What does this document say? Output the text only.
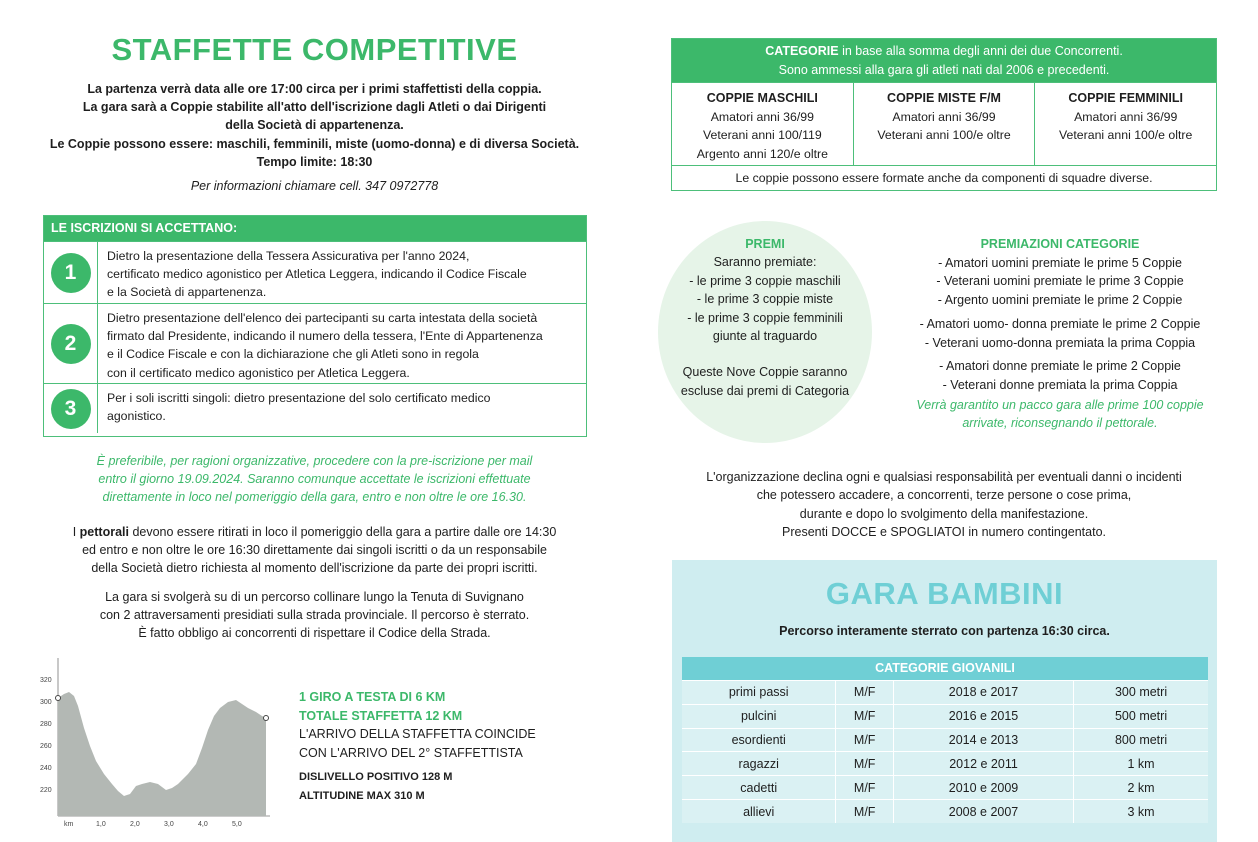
STAFFETTE COMPETITIVE
La partenza verrà data alle ore 17:00 circa per i primi staffettisti della coppia.
La gara sarà a Coppie stabilite all'atto dell'iscrizione dagli Atleti o dai Dirigenti
della Società di appartenenza.
Le Coppie possono essere: maschili, femminili, miste (uomo-donna) e di diversa Società.
Tempo limite: 18:30
Per informazioni chiamare cell. 347 0972778
LE ISCRIZIONI SI ACCETTANO:
1
Dietro la presentazione della Tessera Assicurativa per l'anno 2024,
certificato medico agonistico per Atletica Leggera, indicando il Codice Fiscale
e la Società di appartenenza.
2
Dietro presentazione dell'elenco dei partecipanti su carta intestata della società
firmato dal Presidente, indicando il numero della tessera, l'Ente di Appartenenza
e il Codice Fiscale e con la dichiarazione che gli Atleti sono in regola
con il certificato medico agonistico per Atletica Leggera.
3	Per i soli iscritti singoli: dietro presentazione del solo certificato medico
agonistico.
È preferibile, per ragioni organizzative, procedere con la pre-iscrizione per mail
entro il giorno 19.09.2024. Saranno comunque accettate le iscrizioni effettuate
direttamente in loco nel pomeriggio della gara, entro e non oltre le ore 16.30.
I pettorali devono essere ritirati in loco il pomeriggio della gara a partire dalle ore 14:30
ed entro e non oltre le ore 16:30 direttamente dai singoli iscritti o da un responsabile
della Società dietro richiesta al momento dell'iscrizione da parte dei propri iscritti.
La gara si svolgerà su di un percorso collinare lungo la Tenuta di Suvignano
con 2 attraversamenti presidiati sulla strada provinciale. Il percorso è sterrato.
È fatto obbligo ai concorrenti di rispettare il Codice della Strada.
320
300
280
260
240
220
km	1,0	2,0	3,0	4,0	5,0
1 GIRO A TESTA DI 6 KM
TOTALE STAFFETTA 12 KM
L'ARRIVO DELLA STAFFETTA COINCIDE
CON L'ARRIVO DEL 2° STAFFETTISTA
DISLIVELLO POSITIVO 128 M
ALTITUDINE MAX 310 M
CATEGORIE in base alla somma degli anni dei due Concorrenti.
Sono ammessi alla gara gli atleti nati dal 2006 e precedenti.
COPPIE MASCHILI
Amatori anni 36/99
Veterani anni 100/119
Argento anni 120/e oltre
COPPIE MISTE F/M
Amatori anni 36/99
Veterani anni 100/e oltre
COPPIE FEMMINILI
Amatori anni 36/99
Veterani anni 100/e oltre
Le coppie possono essere formate anche da componenti di squadre diverse.
PREMI
Saranno premiate:
- le prime 3 coppie maschili
- le prime 3 coppie miste
- le prime 3 coppie femminili
giunte al traguardo
Queste Nove Coppie saranno
escluse dai premi di Categoria
PREMIAZIONI CATEGORIE
- Amatori uomini premiate le prime 5 Coppie
- Veterani uomini premiate le prime 3 Coppie
- Argento uomini premiate le prime 2 Coppie
- Amatori uomo- donna premiate le prime 2 Coppie
- Veterani uomo-donna premiata la prima Coppia
- Amatori donne premiate le prime 2 Coppie
- Veterani donne premiata la prima Coppia
Verrà garantito un pacco gara alle prime 100 coppie
arrivate, riconsegnando il pettorale.
L'organizzazione declina ogni e qualsiasi responsabilità per eventuali danni o incidenti
che potessero accadere, a concorrenti, terze persone o cose prima,
durante e dopo lo svolgimento della manifestazione.
Presenti DOCCE e SPOGLIATOI in numero contingentato.
GARA BAMBINI
Percorso interamente sterrato con partenza 16:30 circa.
CATEGORIE GIOVANILI			
primi passi	M/F	2018 e 2017	300 metri
pulcini	M/F	2016 e 2015	500 metri
esordienti	M/F	2014 e 2013	800 metri
ragazzi	M/F	2012 e 2011	1 km
cadetti	M/F	2010 e 2009	2 km
allievi	M/F	2008 e 2007	3 km
